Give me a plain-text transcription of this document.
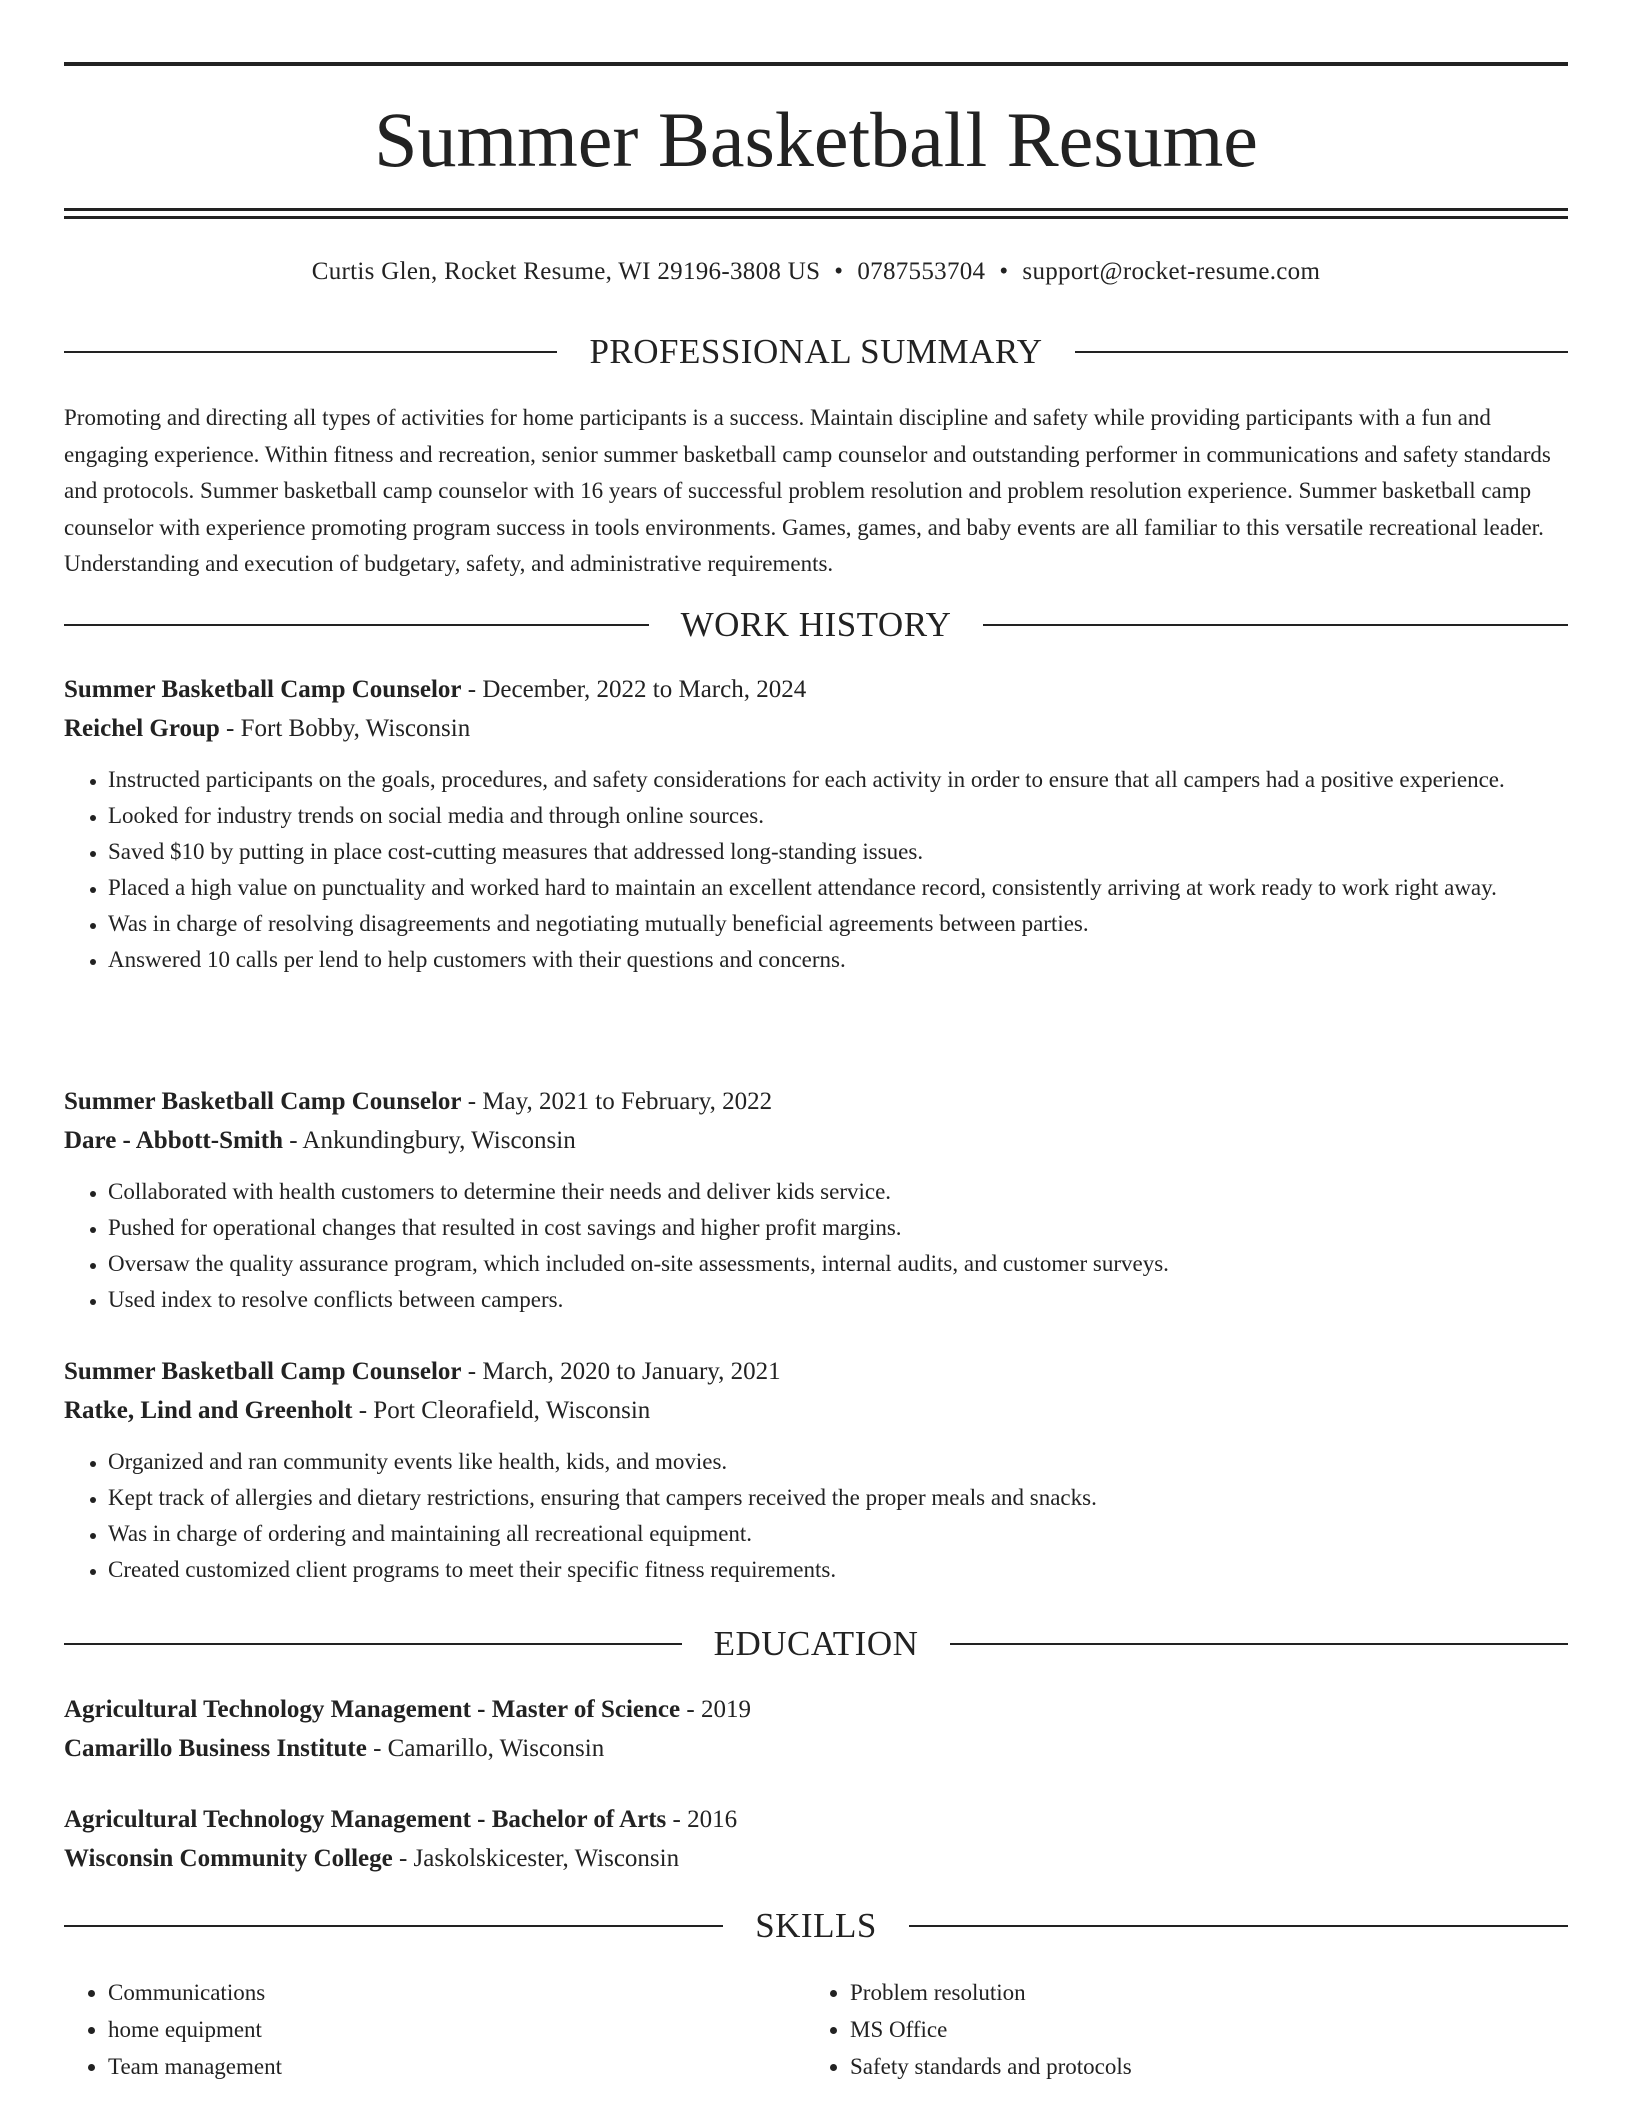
Summer Basketball Resume
Curtis Glen, Rocket Resume, WI 29196-3808 US • 0787553704 • support@rocket-resume.com
PROFESSIONAL SUMMARY

Promoting and directing all types of activities for home participants is a success. Maintain discipline and safety while providing participants with a fun and engaging experience. Within fitness and recreation, senior summer basketball camp counselor and outstanding performer in communications and safety standards and protocols. Summer basketball camp counselor with 16 years of successful problem resolution and problem resolution experience. Summer basketball camp counselor with experience promoting program success in tools environments. Games, games, and baby events are all familiar to this versatile recreational leader. Understanding and execution of budgetary, safety, and administrative requirements.

WORK HISTORY
Summer Basketball Camp Counselor - December, 2022 to March, 2024
Reichel Group - Fort Bobby, Wisconsin
• Instructed participants on the goals, procedures, and safety considerations for each activity in order to ensure that all campers had a positive experience.
• Looked for industry trends on social media and through online sources.
• Saved $10 by putting in place cost-cutting measures that addressed long-standing issues.
• Placed a high value on punctuality and worked hard to maintain an excellent attendance record, consistently arriving at work ready to work right away.
• Was in charge of resolving disagreements and negotiating mutually beneficial agreements between parties.
• Answered 10 calls per lend to help customers with their questions and concerns.
Summer Basketball Camp Counselor - May, 2021 to February, 2022
Dare - Abbott-Smith - Ankundingbury, Wisconsin
• Collaborated with health customers to determine their needs and deliver kids service.
• Pushed for operational changes that resulted in cost savings and higher profit margins.
• Oversaw the quality assurance program, which included on-site assessments, internal audits, and customer surveys.
• Used index to resolve conflicts between campers.
Summer Basketball Camp Counselor - March, 2020 to January, 2021
Ratke, Lind and Greenholt - Port Cleorafield, Wisconsin
• Organized and ran community events like health, kids, and movies.
• Kept track of allergies and dietary restrictions, ensuring that campers received the proper meals and snacks.
• Was in charge of ordering and maintaining all recreational equipment.
• Created customized client programs to meet their specific fitness requirements.
EDUCATION
Agricultural Technology Management - Master of Science - 2019
Camarillo Business Institute - Camarillo, Wisconsin
Agricultural Technology Management - Bachelor of Arts - 2016
Wisconsin Community College - Jaskolskicester, Wisconsin
SKILLS
• Communications
• home equipment
• Team management
• Problem resolution
• MS Office
• Safety standards and protocols
